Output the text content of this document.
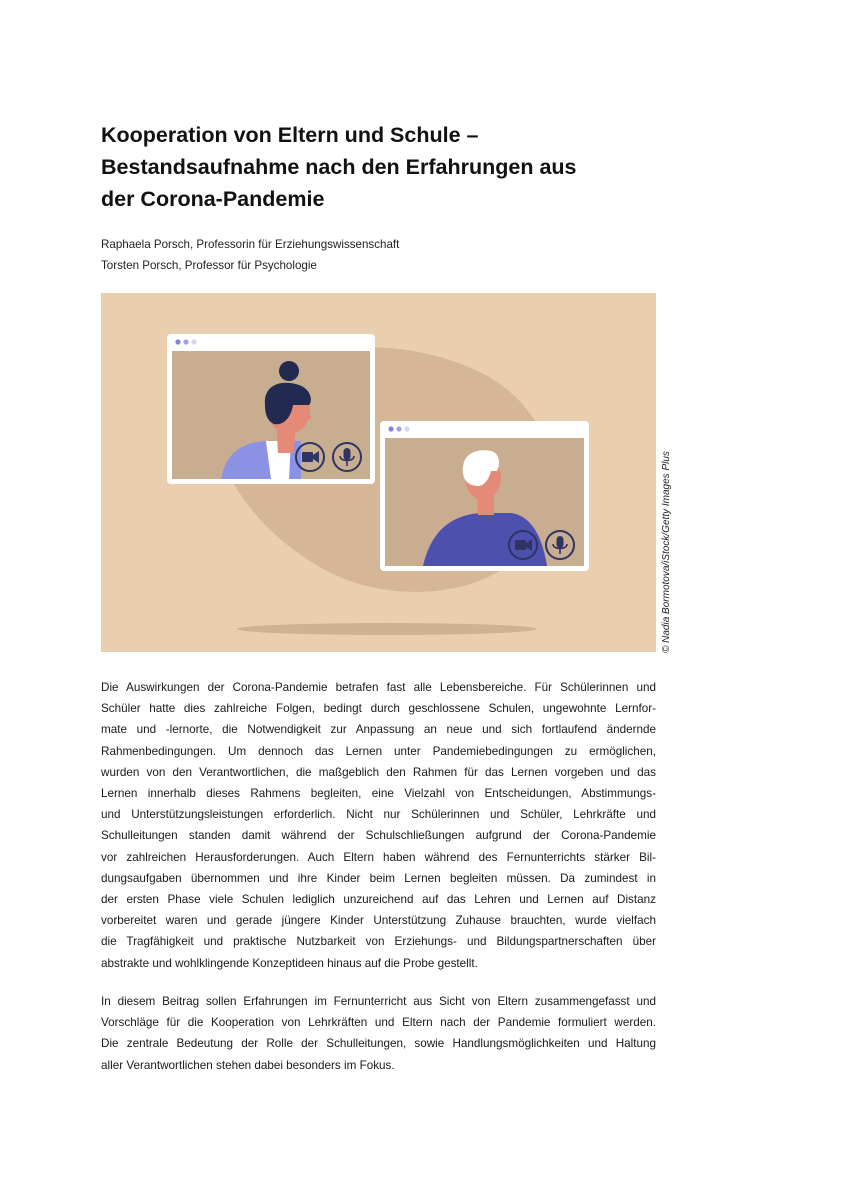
Kooperation von Eltern und Schule –
Bestandsaufnahme nach den Erfahrungen aus
der Corona-Pandemie
Raphaela Porsch, Professorin für Erziehungswissenschaft
Torsten Porsch, Professor für Psychologie
© Nadia Bormotova/iStock/Getty Images Plus
Die Auswirkungen der Corona-Pandemie betrafen fast alle Lebensbereiche. Für Schülerinnen und
Schüler hatte dies zahlreiche Folgen, bedingt durch geschlossene Schulen, ungewohnte Lernfor-
mate und -lernorte, die Notwendigkeit zur Anpassung an neue und sich fortlaufend ändernde
Rahmenbedingungen. Um dennoch das Lernen unter Pandemiebedingungen zu ermöglichen,
wurden von den Verantwortlichen, die maßgeblich den Rahmen für das Lernen vorgeben und das
Lernen innerhalb dieses Rahmens begleiten, eine Vielzahl von Entscheidungen, Abstimmungs-
und Unterstützungsleistungen erforderlich. Nicht nur Schülerinnen und Schüler, Lehrkräfte und
Schulleitungen standen damit während der Schulschließungen aufgrund der Corona-Pandemie
vor zahlreichen Herausforderungen. Auch Eltern haben während des Fernunterrichts stärker Bil-
dungsaufgaben übernommen und ihre Kinder beim Lernen begleiten müssen. Da zumindest in
der ersten Phase viele Schulen lediglich unzureichend auf das Lehren und Lernen auf Distanz
vorbereitet waren und gerade jüngere Kinder Unterstützung Zuhause brauchten, wurde vielfach
die Tragfähigkeit und praktische Nutzbarkeit von Erziehungs- und Bildungspartnerschaften über
abstrakte und wohlklingende Konzeptideen hinaus auf die Probe gestellt.
In diesem Beitrag sollen Erfahrungen im Fernunterricht aus Sicht von Eltern zusammengefasst und
Vorschläge für die Kooperation von Lehrkräften und Eltern nach der Pandemie formuliert werden.
Die zentrale Bedeutung der Rolle der Schulleitungen, sowie Handlungsmöglichkeiten und Haltung
aller Verantwortlichen stehen dabei besonders im Fokus.
